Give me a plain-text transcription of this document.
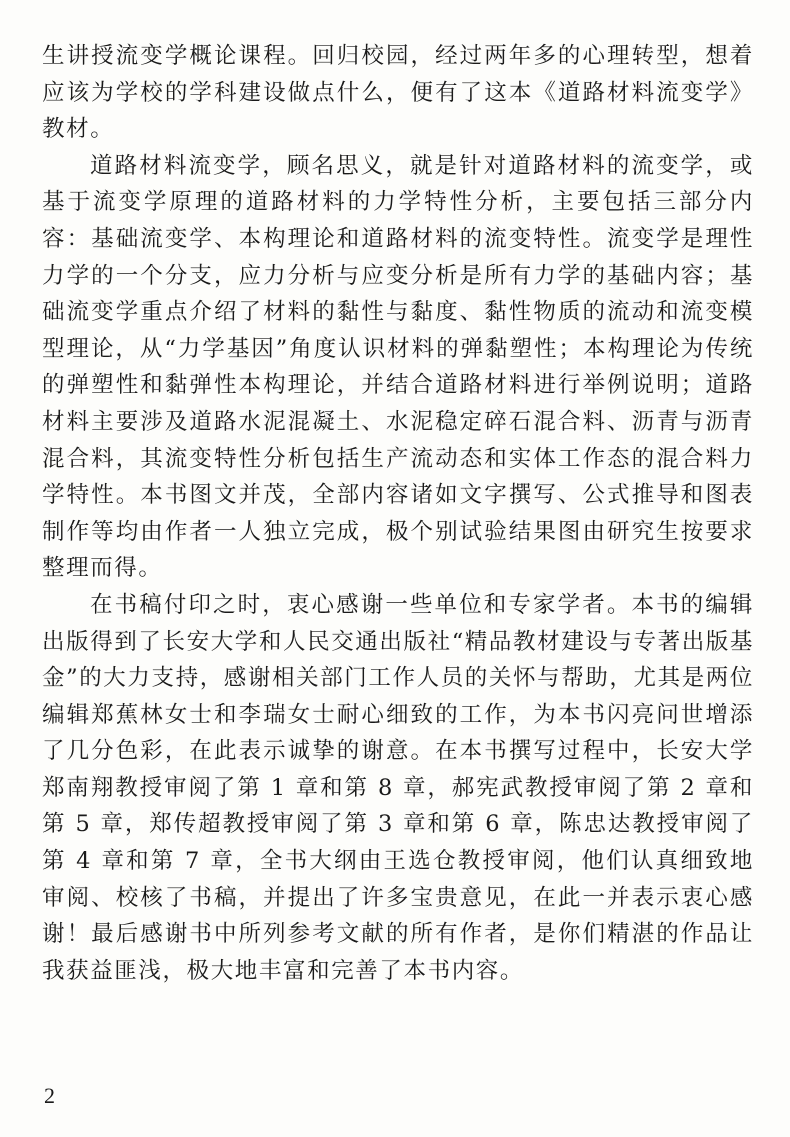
生讲授流变学概论课程。回归校园，经过两年多的心理转型，想着应该为学校的学科建设做点什么，便有了这本《道路材料流变学》教材。

道路材料流变学，顾名思义，就是针对道路材料的流变学，或基于流变学原理的道路材料的力学特性分析，主要包括三部分内容：基础流变学、本构理论和道路材料的流变特性。流变学是理性力学的一个分支，应力分析与应变分析是所有力学的基础内容；基础流变学重点介绍了材料的黏性与黏度、黏性物质的流动和流变模型理论，从“力学基因”角度认识材料的弹黏塑性；本构理论为传统的弹塑性和黏弹性本构理论，并结合道路材料进行举例说明；道路材料主要涉及道路水泥混凝土、水泥稳定碎石混合料、沥青与沥青混合料，其流变特性分析包括生产流动态和实体工作态的混合料力学特性。本书图文并茂，全部内容诸如文字撰写、公式推导和图表制作等均由作者一人独立完成，极个别试验结果图由研究生按要求整理而得。

在书稿付印之时，衷心感谢一些单位和专家学者。本书的编辑出版得到了长安大学和人民交通出版社“精品教材建设与专著出版基金”的大力支持，感谢相关部门工作人员的关怀与帮助，尤其是两位编辑郑蕉林女士和李瑞女士耐心细致的工作，为本书闪亮问世增添了几分色彩，在此表示诚挚的谢意。在本书撰写过程中，长安大学郑南翔教授审阅了第 1 章和第 8 章，郝宪武教授审阅了第 2 章和第 5 章，郑传超教授审阅了第 3 章和第 6 章，陈忠达教授审阅了第 4 章和第 7 章，全书大纲由王选仓教授审阅，他们认真细致地审阅、校核了书稿，并提出了许多宝贵意见，在此一并表示衷心感谢！最后感谢书中所列参考文献的所有作者，是你们精湛的作品让我获益匪浅，极大地丰富和完善了本书内容。

2
